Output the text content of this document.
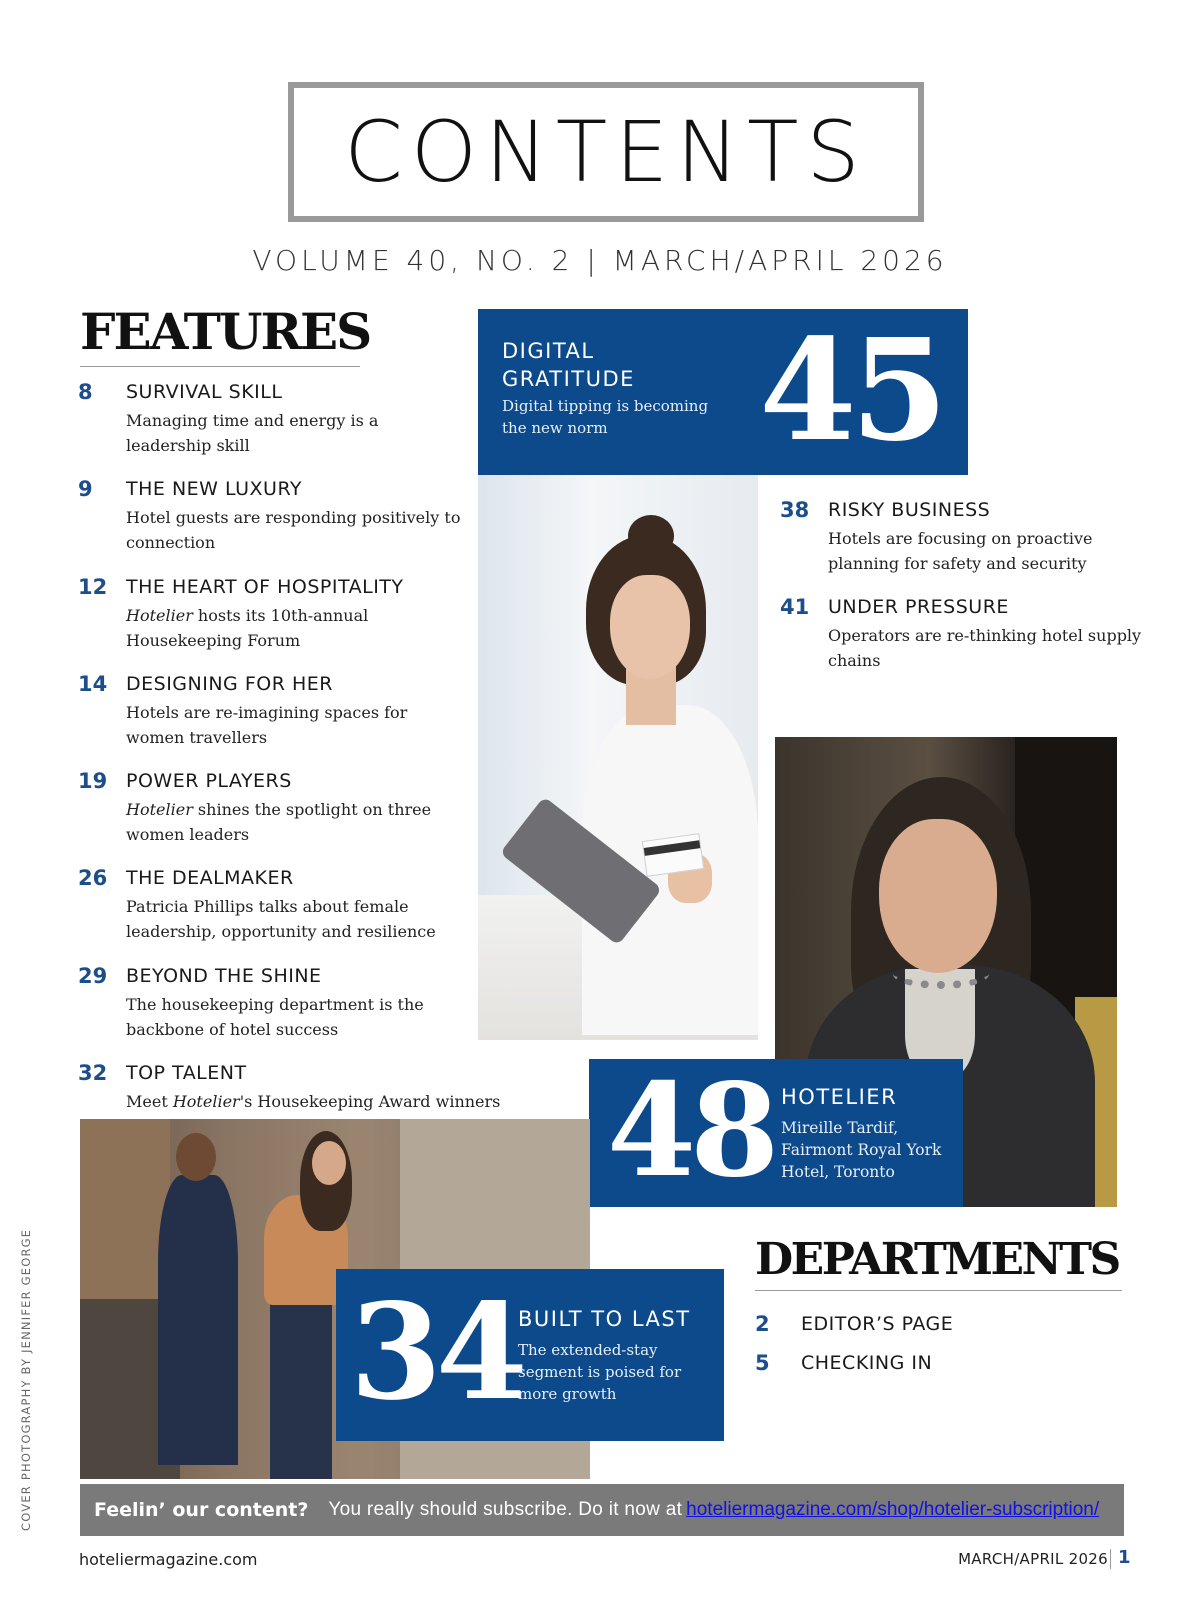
CONTENTS
VOLUME 40, NO. 2 | MARCH/APRIL 2026
FEATURES
8 SURVIVAL SKILL
Managing time and energy is a leadership skill
9 THE NEW LUXURY
Hotel guests are responding positively to connection
12 THE HEART OF HOSPITALITY
Hotelier hosts its 10th-annual Housekeeping Forum
14 DESIGNING FOR HER
Hotels are re-imagining spaces for women travellers
19 POWER PLAYERS
Hotelier shines the spotlight on three women leaders
26 THE DEALMAKER
Patricia Phillips talks about female leadership, opportunity and resilience
29 BEYOND THE SHINE
The housekeeping department is the backbone of hotel success
32 TOP TALENT
Meet Hotelier's Housekeeping Award winners
DIGITAL GRATITUDE
Digital tipping is becoming the new norm	45
38 RISKY BUSINESS
Hotels are focusing on proactive planning for safety and security
41 UNDER PRESSURE
Operators are re-thinking hotel supply chains
48 HOTELIER
Mireille Tardif, Fairmont Royal York Hotel, Toronto
34
BUILT TO LAST
The extended-stay segment is poised for more growth
DEPARTMENTS
2 EDITOR’S PAGE
5 CHECKING IN
Feelin’ our content? You really should subscribe. Do it now at hoteliermagazine.com/shop/hotelier-subscription/
COVER PHOTOGRAPHY BY JENNIFER GEORGE
hoteliermagazine.com	MARCH/APRIL 2026 1
